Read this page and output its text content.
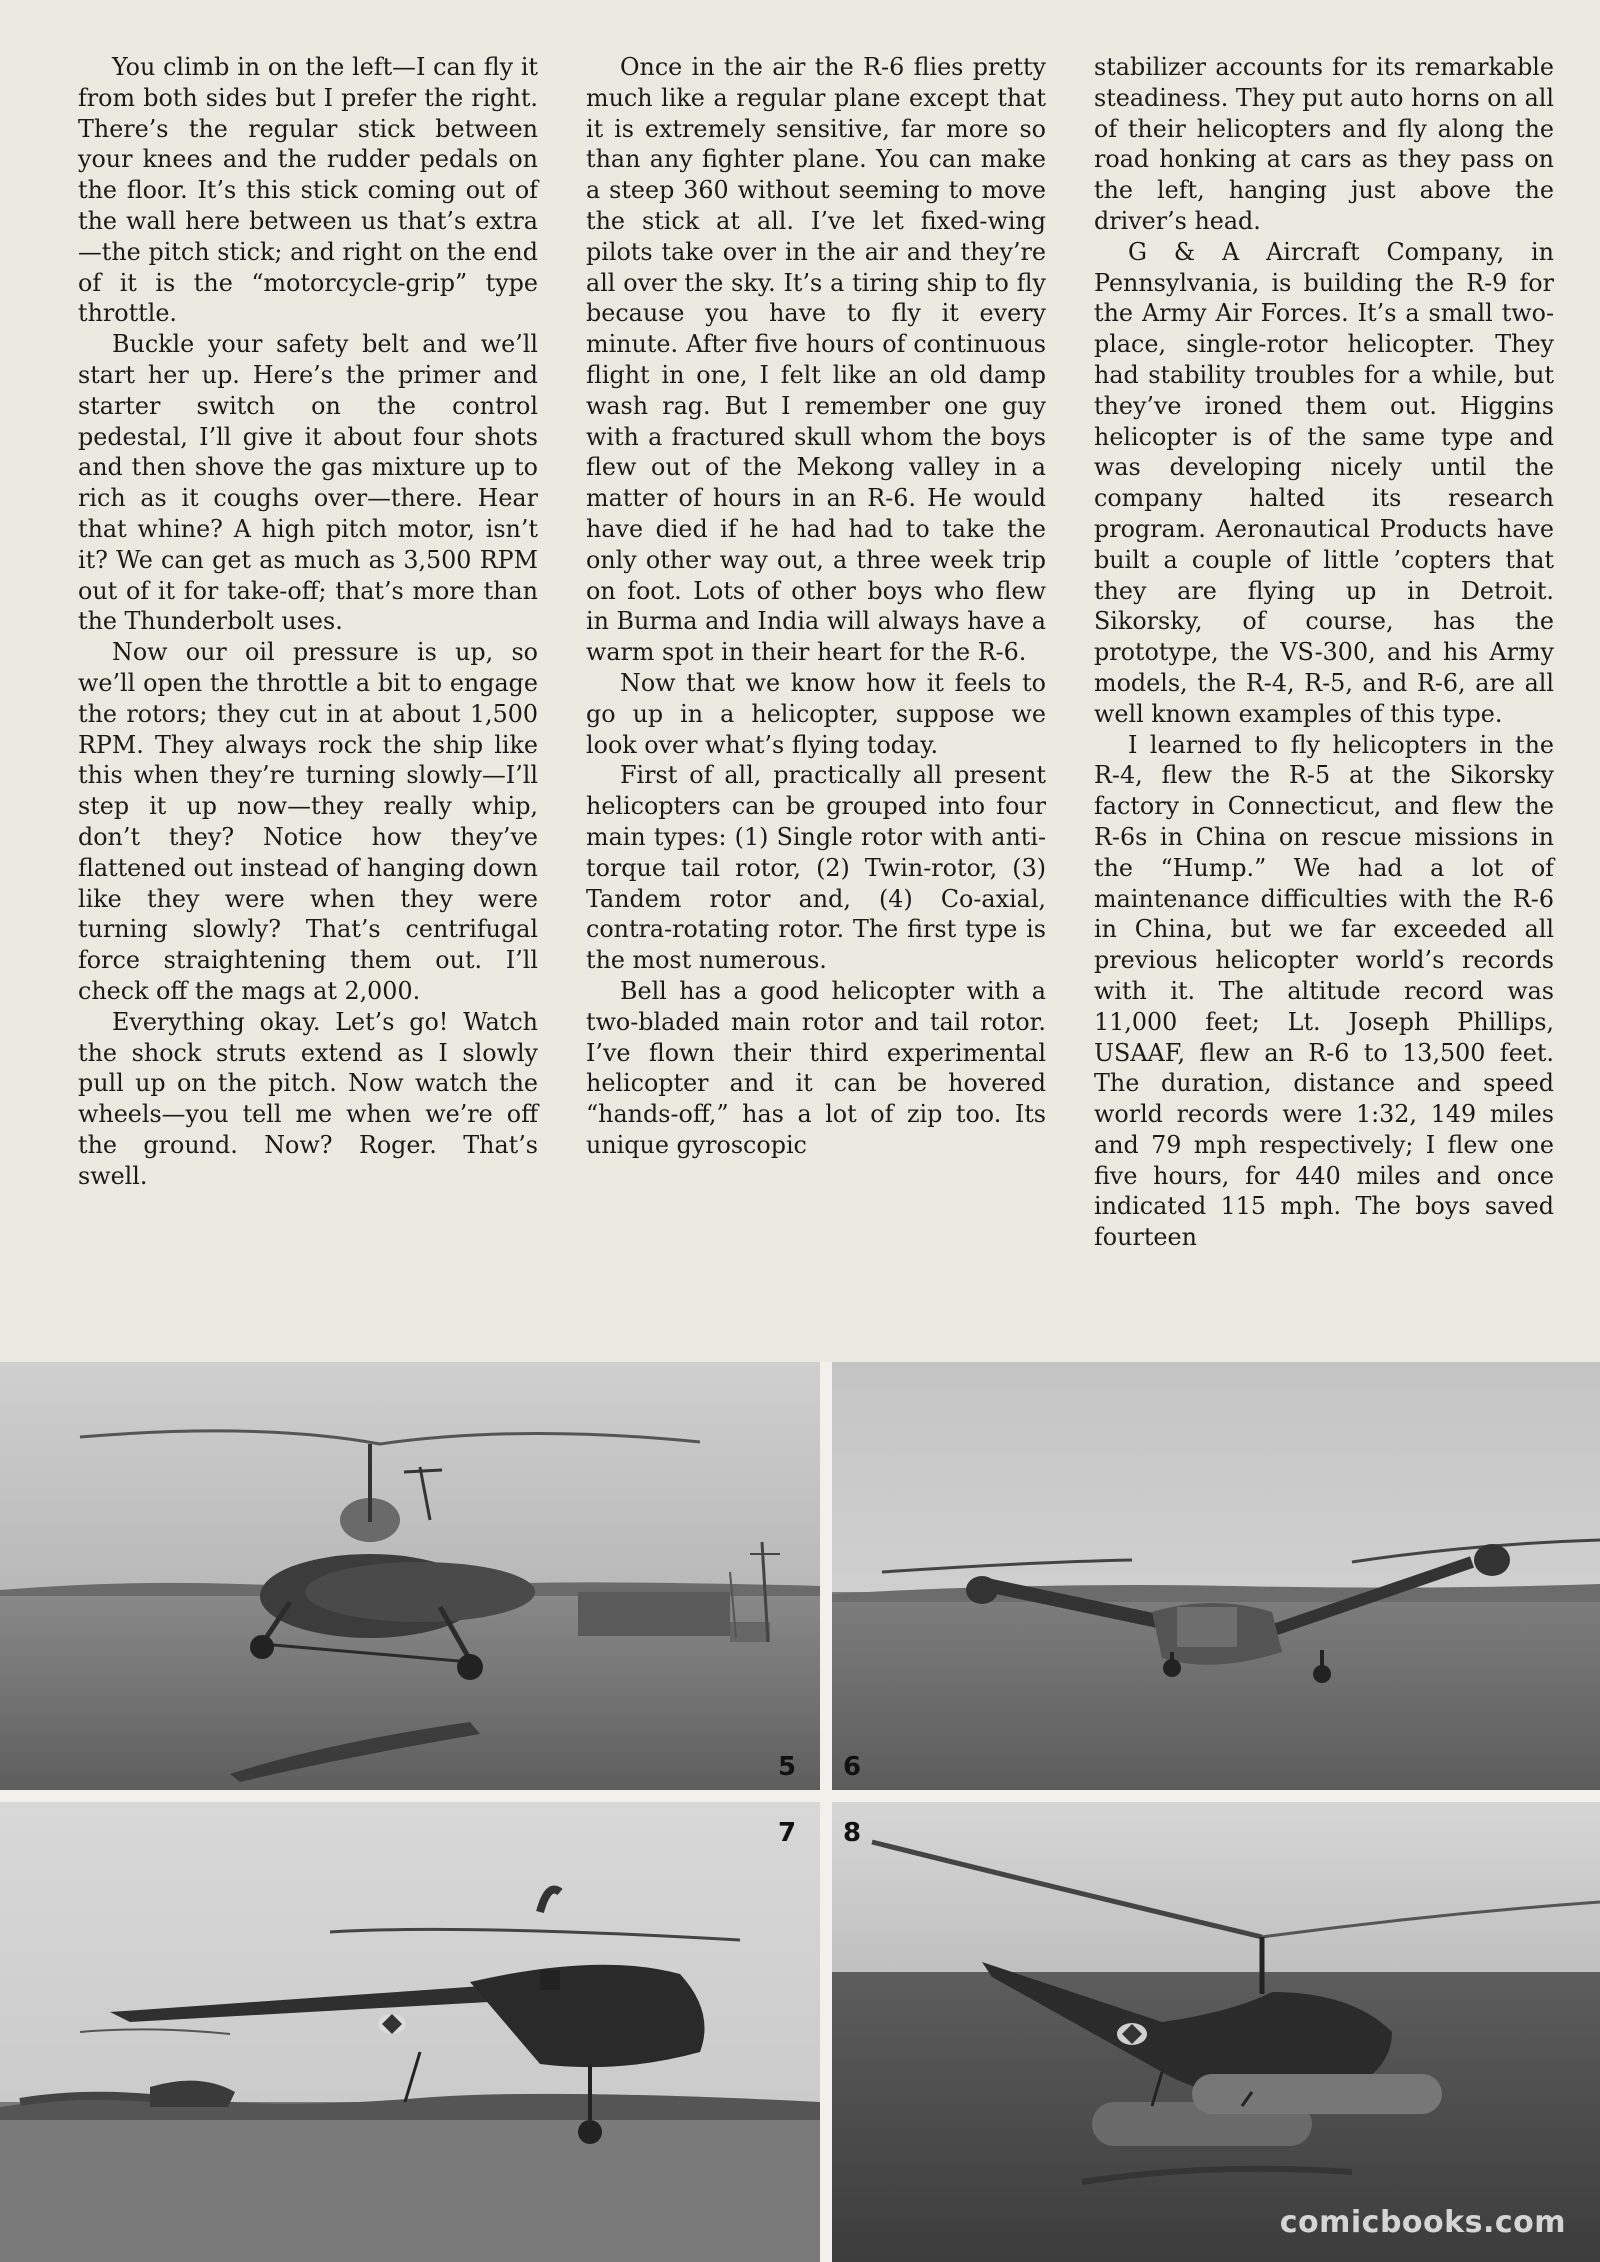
You climb in on the left—I can fly it from both sides but I prefer the right. There’s the regular stick between your knees and the rudder pedals on the floor. It’s this stick coming out of the wall here between us that’s extra—the pitch stick; and right on the end of it is the “motorcycle-grip” type throttle.

Buckle your safety belt and we’ll start her up. Here’s the primer and starter switch on the control pedestal, I’ll give it about four shots and then shove the gas mixture up to rich as it coughs over—there. Hear that whine? A high pitch motor, isn’t it? We can get as much as 3,500 RPM out of it for take-off; that’s more than the Thunderbolt uses.

Now our oil pressure is up, so we’ll open the throttle a bit to engage the rotors; they cut in at about 1,500 RPM. They always rock the ship like this when they’re turning slowly—I’ll step it up now—they really whip, don’t they? Notice how they’ve flattened out instead of hanging down like they were when they were turning slowly? That’s centrifugal force straightening them out. I’ll check off the mags at 2,000.

Everything okay. Let’s go! Watch the shock struts extend as I slowly pull up on the pitch. Now watch the wheels—you tell me when we’re off the ground. Now? Roger. That’s swell.

Once in the air the R-6 flies pretty much like a regular plane except that it is extremely sensitive, far more so than any fighter plane. You can make a steep 360 without seeming to move the stick at all. I’ve let fixed-wing pilots take over in the air and they’re all over the sky. It’s a tiring ship to fly because you have to fly it every minute. After five hours of continuous flight in one, I felt like an old damp wash rag. But I remember one guy with a fractured skull whom the boys flew out of the Mekong valley in a matter of hours in an R-6. He would have died if he had had to take the only other way out, a three week trip on foot. Lots of other boys who flew in Burma and India will always have a warm spot in their heart for the R-6.

Now that we know how it feels to go up in a helicopter, suppose we look over what’s flying today.

First of all, practically all present helicopters can be grouped into four main types: (1) Single rotor with anti-torque tail rotor, (2) Twin-rotor, (3) Tandem rotor and, (4) Co-axial, contra-rotating rotor. The first type is the most numerous.

Bell has a good helicopter with a two-bladed main rotor and tail rotor. I’ve flown their third experimental helicopter and it can be hovered “hands-off,” has a lot of zip too. Its unique gyroscopic

stabilizer accounts for its remarkable steadiness. They put auto horns on all of their helicopters and fly along the road honking at cars as they pass on the left, hanging just above the driver’s head.

G & A Aircraft Company, in Pennsylvania, is building the R-9 for the Army Air Forces. It’s a small two-place, single-rotor helicopter. They had stability troubles for a while, but they’ve ironed them out. Higgins helicopter is of the same type and was developing nicely until the company halted its research program. Aeronautical Products have built a couple of little ’copters that they are flying up in Detroit. Sikorsky, of course, has the prototype, the VS-300, and his Army models, the R-4, R-5, and R-6, are all well known examples of this type.

I learned to fly helicopters in the R-4, flew the R-5 at the Sikorsky factory in Connecticut, and flew the R-6s in China on rescue missions in the “Hump.” We had a lot of maintenance difficulties with the R-6 in China, but we far exceeded all previous helicopter world’s records with it. The altitude record was 11,000 feet; Lt. Joseph Phillips, USAAF, flew an R-6 to 13,500 feet. The duration, distance and speed world records were 1:32, 149 miles and 79 mph respectively; I flew one five hours, for 440 miles and once indicated 115 mph. The boys saved fourteen

5 6
7 8
comicbooks.com
